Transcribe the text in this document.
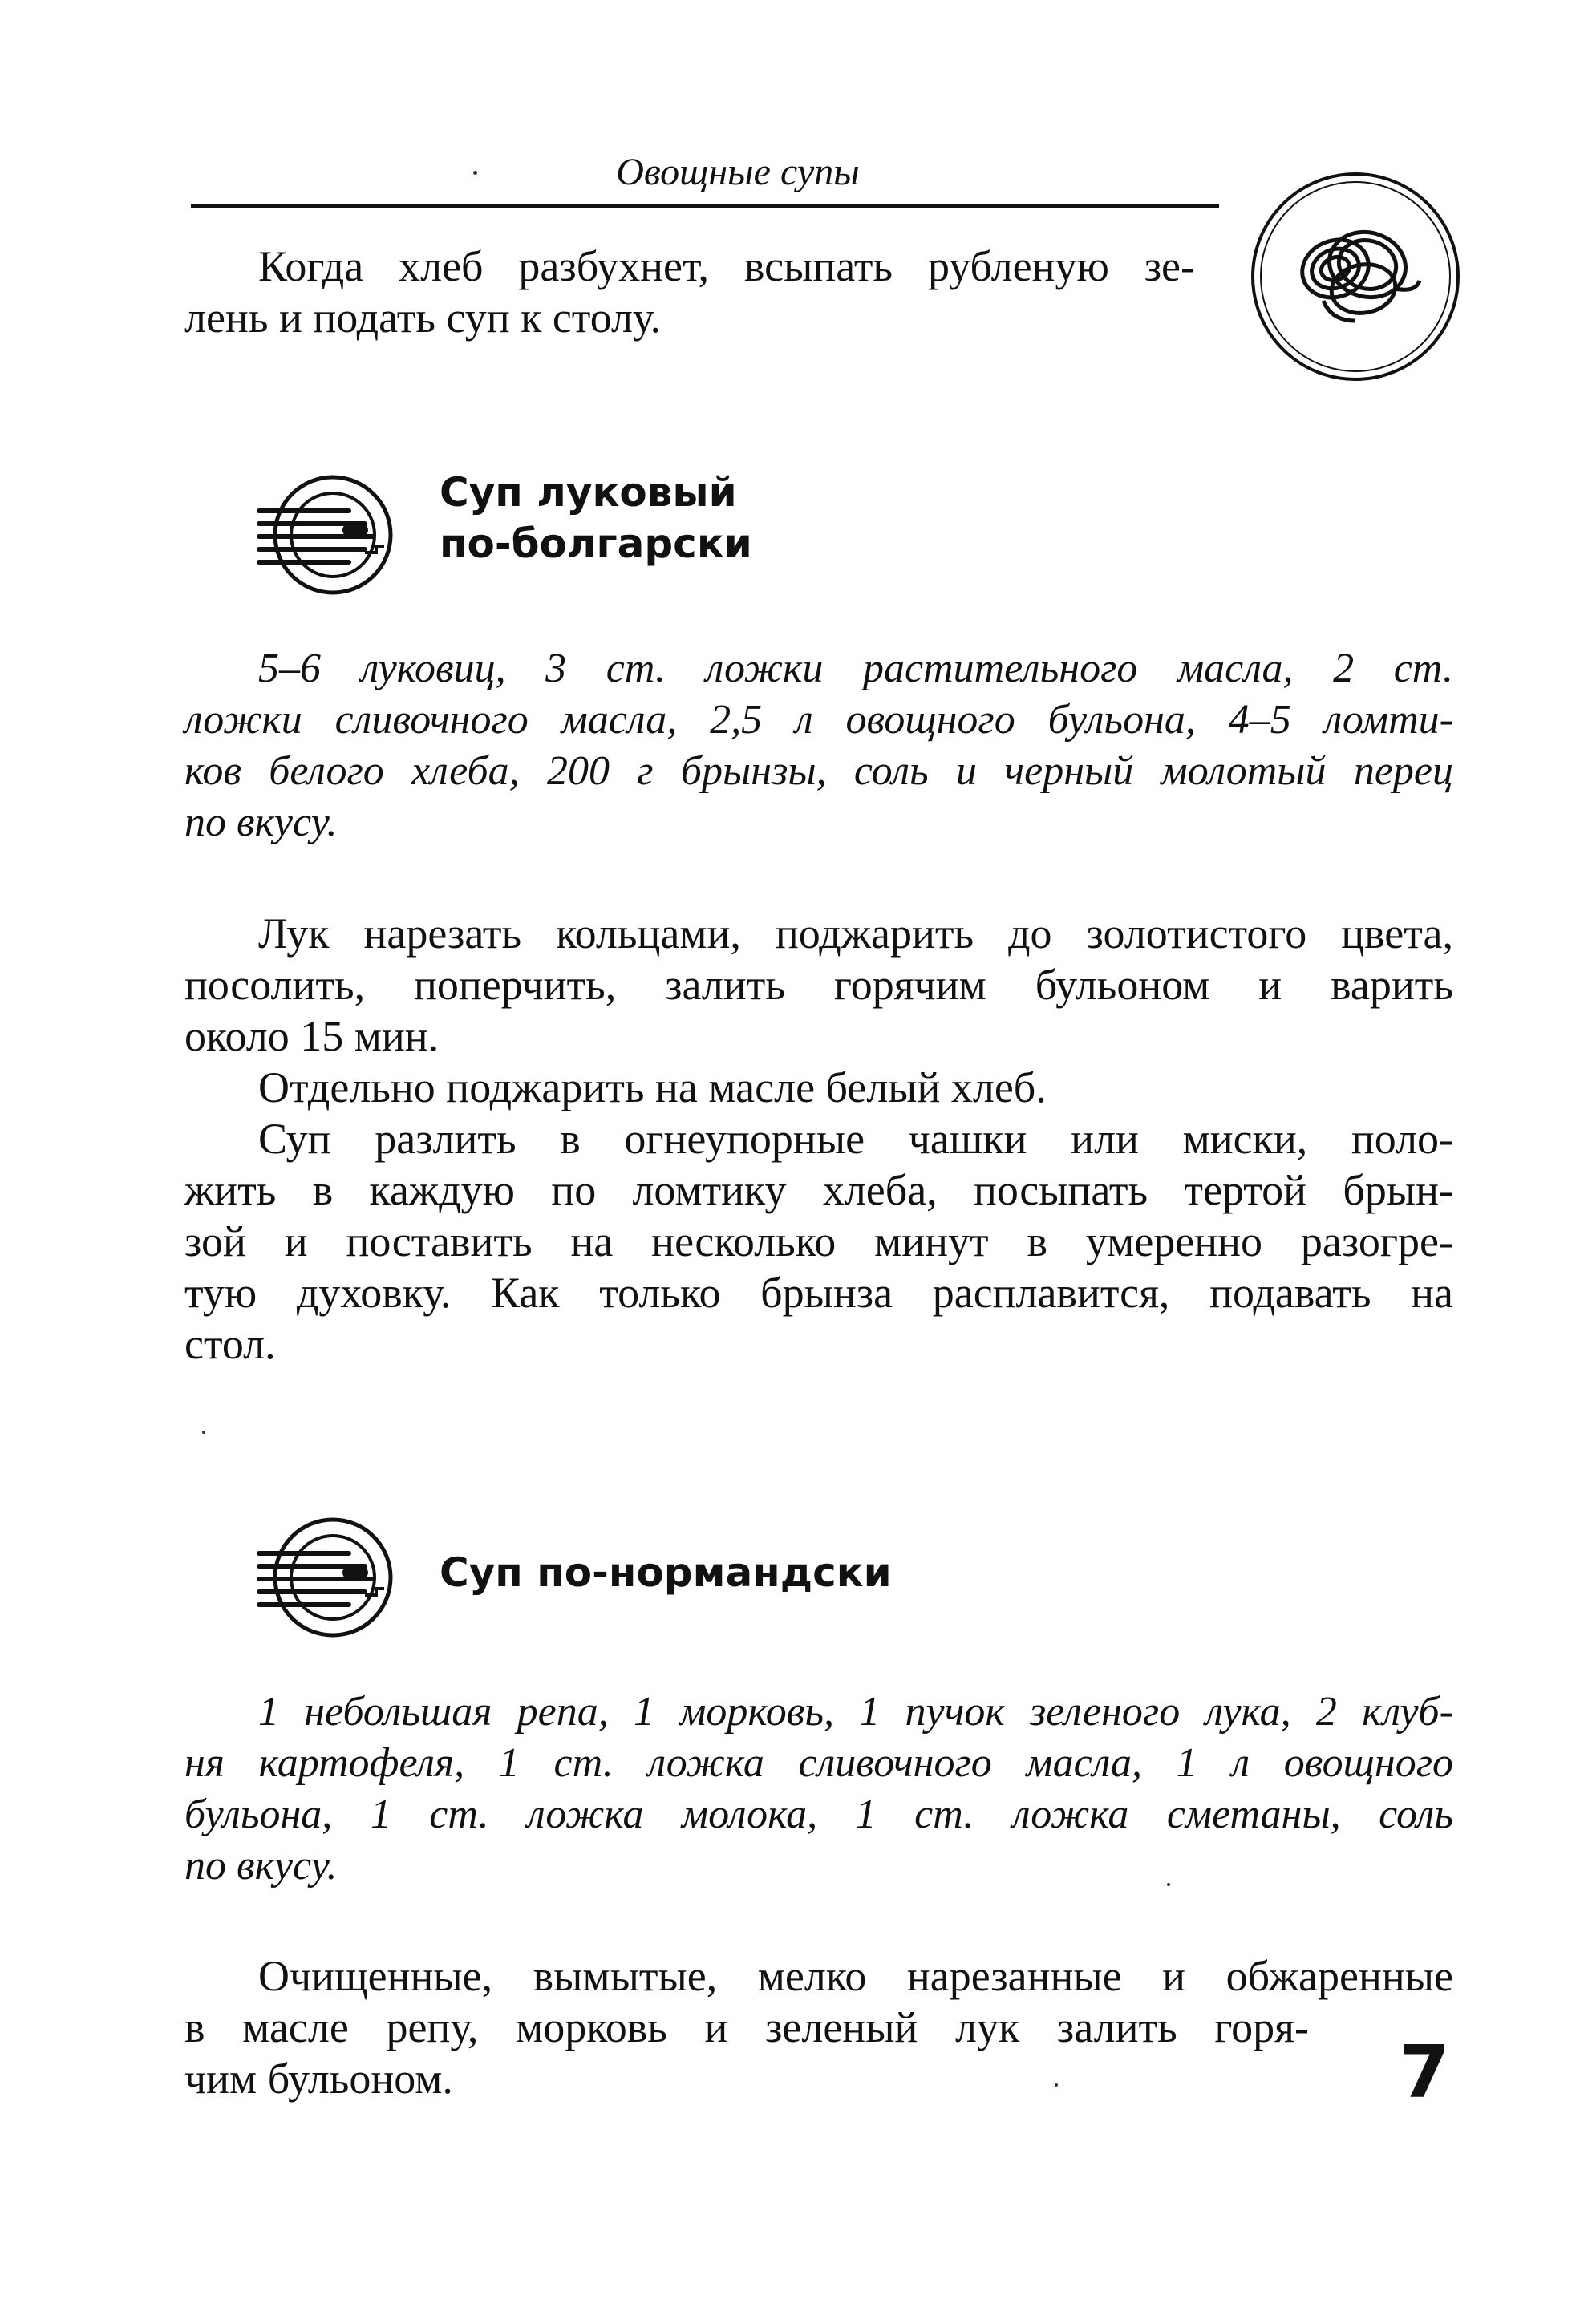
Овощные супы
Когда хлеб разбухнет, всыпать рубленую зе-
лень и подать суп к столу.
Суп луковый
по-болгарски
5–6 луковиц, 3 ст. ложки растительного масла, 2 ст.
ложки сливочного масла, 2,5 л овощного бульона, 4–5 ломти-
ков белого хлеба, 200 г брынзы, соль и черный молотый перец
по вкусу.
Лук нарезать кольцами, поджарить до золотистого цвета,
посолить, поперчить, залить горячим бульоном и варить
около 15 мин.
Отдельно поджарить на масле белый хлеб.
Суп разлить в огнеупорные чашки или миски, поло-
жить в каждую по ломтику хлеба, посыпать тертой брын-
зой и поставить на несколько минут в умеренно разогре-
тую духовку. Как только брынза расплавится, подавать на
стол.
Суп по-нормандски
1 небольшая репа, 1 морковь, 1 пучок зеленого лука, 2 клуб-
ня картофеля, 1 ст. ложка сливочного масла, 1 л овощного
бульона, 1 ст. ложка молока, 1 ст. ложка сметаны, соль
по вкусу.
Очищенные, вымытые, мелко нарезанные и обжаренные
в масле репу, морковь и зеленый лук залить горя-
чим бульоном.	7
